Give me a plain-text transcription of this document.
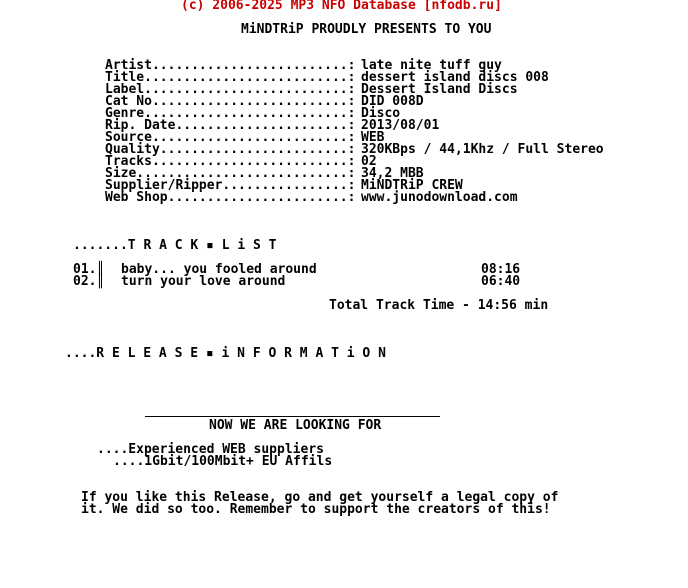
(c) 2006-2025 MP3 NFO Database [nfodb.ru]
MiNDTRiP PROUDLY PRESENTS TO YOU
Artist.........................: late nite tuff guy
Title..........................: dessert island discs 008
Label..........................: Dessert Island Discs
Cat No.........................: DID 008D
Genre..........................: Disco
Rip. Date......................: 2013/08/01
Source.........................: WEB
Quality........................: 320KBps / 44,1Khz / Full Stereo
Tracks.........................: 02
Size...........................: 34,2 MBB
Supplier/Ripper................: MiNDTRiP CREW
Web Shop.......................: www.junodownload.com
.......T R A C K ▪ L i S T
01.║ baby... you fooled around	08:16
02.║ turn your love around	06:40
Total Track Time - 14:56 min
....R E L E A S E ▪ i N F O R M A T i O N
NOW WE ARE LOOKING FOR
....Experienced WEB suppliers
....1Gbit/100Mbit+ EU Affils
If you like this Release, go and get yourself a legal copy of
it. We did so too. Remember to support the creators of this!
